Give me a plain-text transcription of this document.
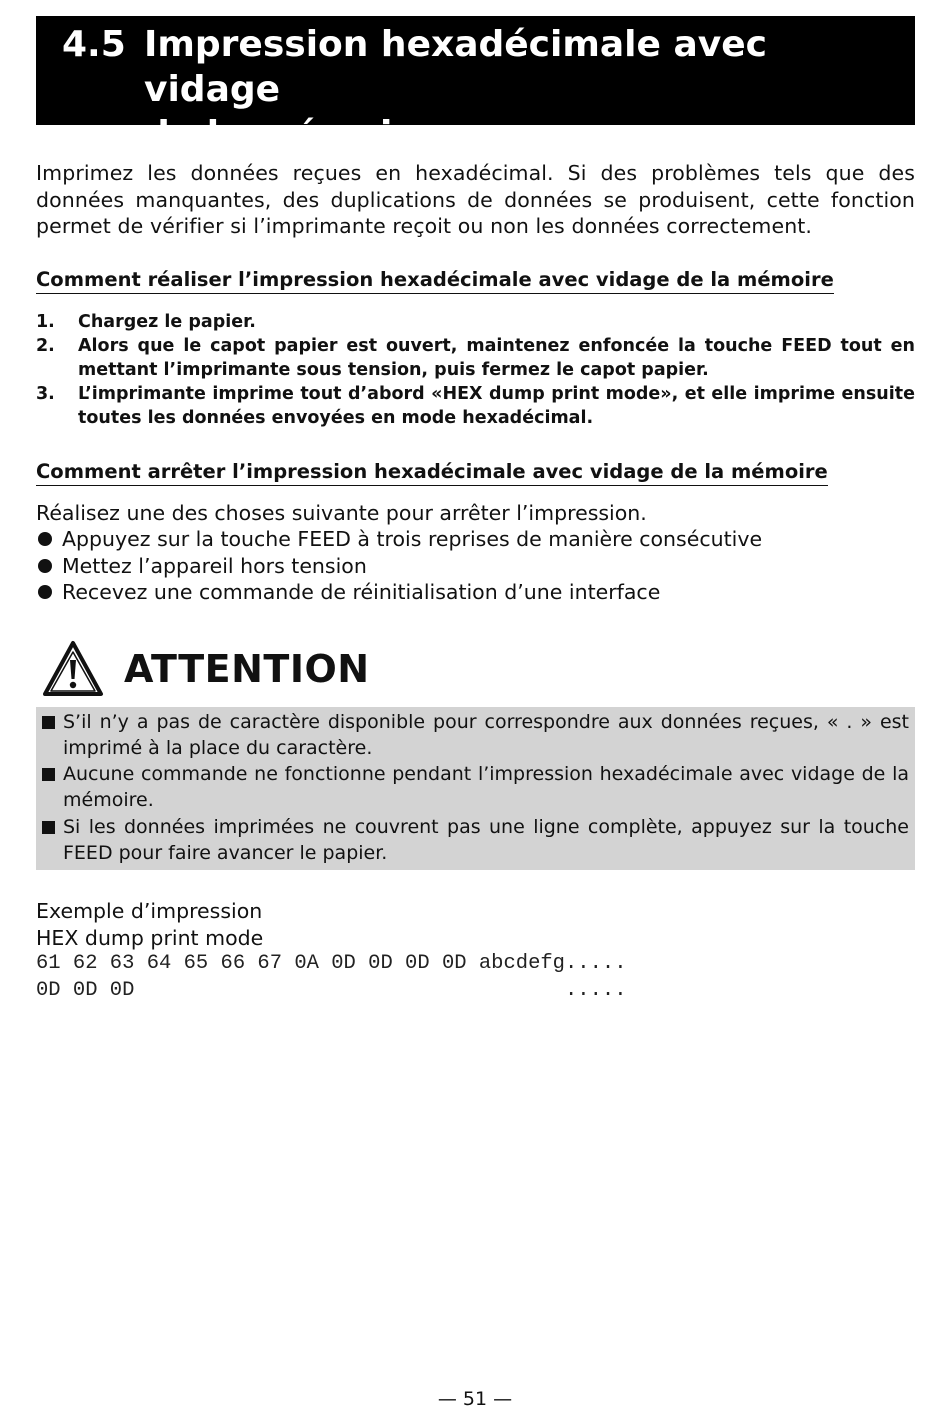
4.5 Impression hexadécimale avec vidage
de la mémoire

Imprimez les données reçues en hexadécimal. Si des problèmes tels que des données manquantes, des duplications de données se produisent, cette fonction permet de vérifier si l’imprimante reçoit ou non les données correctement.

Comment réaliser l’impression hexadécimale avec vidage de la mémoire
1.	Chargez le papier.
2.	Alors que le capot papier est ouvert, maintenez enfoncée la touche FEED tout en mettant l’imprimante sous tension, puis fermez le capot papier.
3.	L’imprimante imprime tout d’abord «HEX dump print mode», et elle imprime ensuite toutes les données envoyées en mode hexadécimal.
Comment arrêter l’impression hexadécimale avec vidage de la mémoire
Réalisez une des choses suivante pour arrêter l’impression.
Appuyez sur la touche FEED à trois reprises de manière consécutive
Mettez l’appareil hors tension
Recevez une commande de réinitialisation d’une interface
ATTENTION
S’il n’y a pas de caractère disponible pour correspondre aux données reçues, « . » est imprimé à la place du caractère.
Aucune commande ne fonctionne pendant l’impression hexadécimale avec vidage de la mémoire.
Si les données imprimées ne couvrent pas une ligne complète, appuyez sur la touche FEED pour faire avancer le papier.
Exemple d’impression
HEX dump print mode
61 62 63 64 65 66 67 0A 0D 0D 0D 0D abcdefg.....
0D 0D 0D                                   .....
— 51 —
